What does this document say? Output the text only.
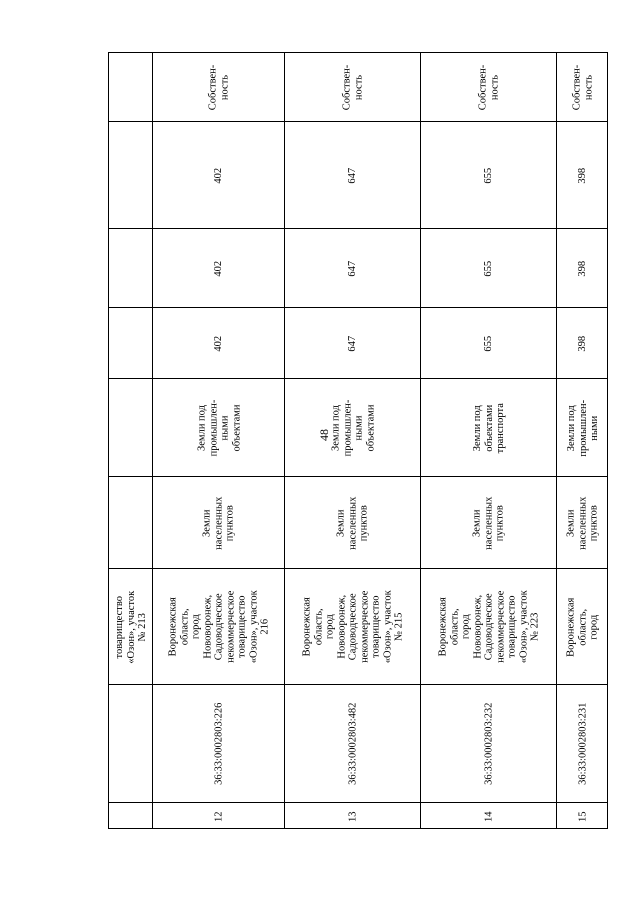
48
товарищество «Озон», участок № 213
12
36:33:0002803:226
Воронежская область, город Нововоронеж, Садоводческое некоммерческое товарищество «Озон», участок 216
Земли населенных пунктов
Земли под промышлен- ными объектами
402
402
402
Собствен- ность
13
36:33:0002803:482
Воронежская область, город Нововоронеж, Садоводческое некоммерческое товарищество «Озон», участок № 215
Земли населенных пунктов
Земли под промышлен- ными объектами
647
647
647
Собствен- ность
14
36:33:0002803:232
Воронежская область, город Нововоронеж, Садоводческое некоммерческое товарищество «Озон», участок № 223
Земли населенных пунктов
Земли под объектами транспорта
655
655
655
Собствен- ность
15
36:33:0002803:231
Воронежская область, город
Земли населенных пунктов
Земли под промышлен- ными
398
398
398
Собствен- ность
